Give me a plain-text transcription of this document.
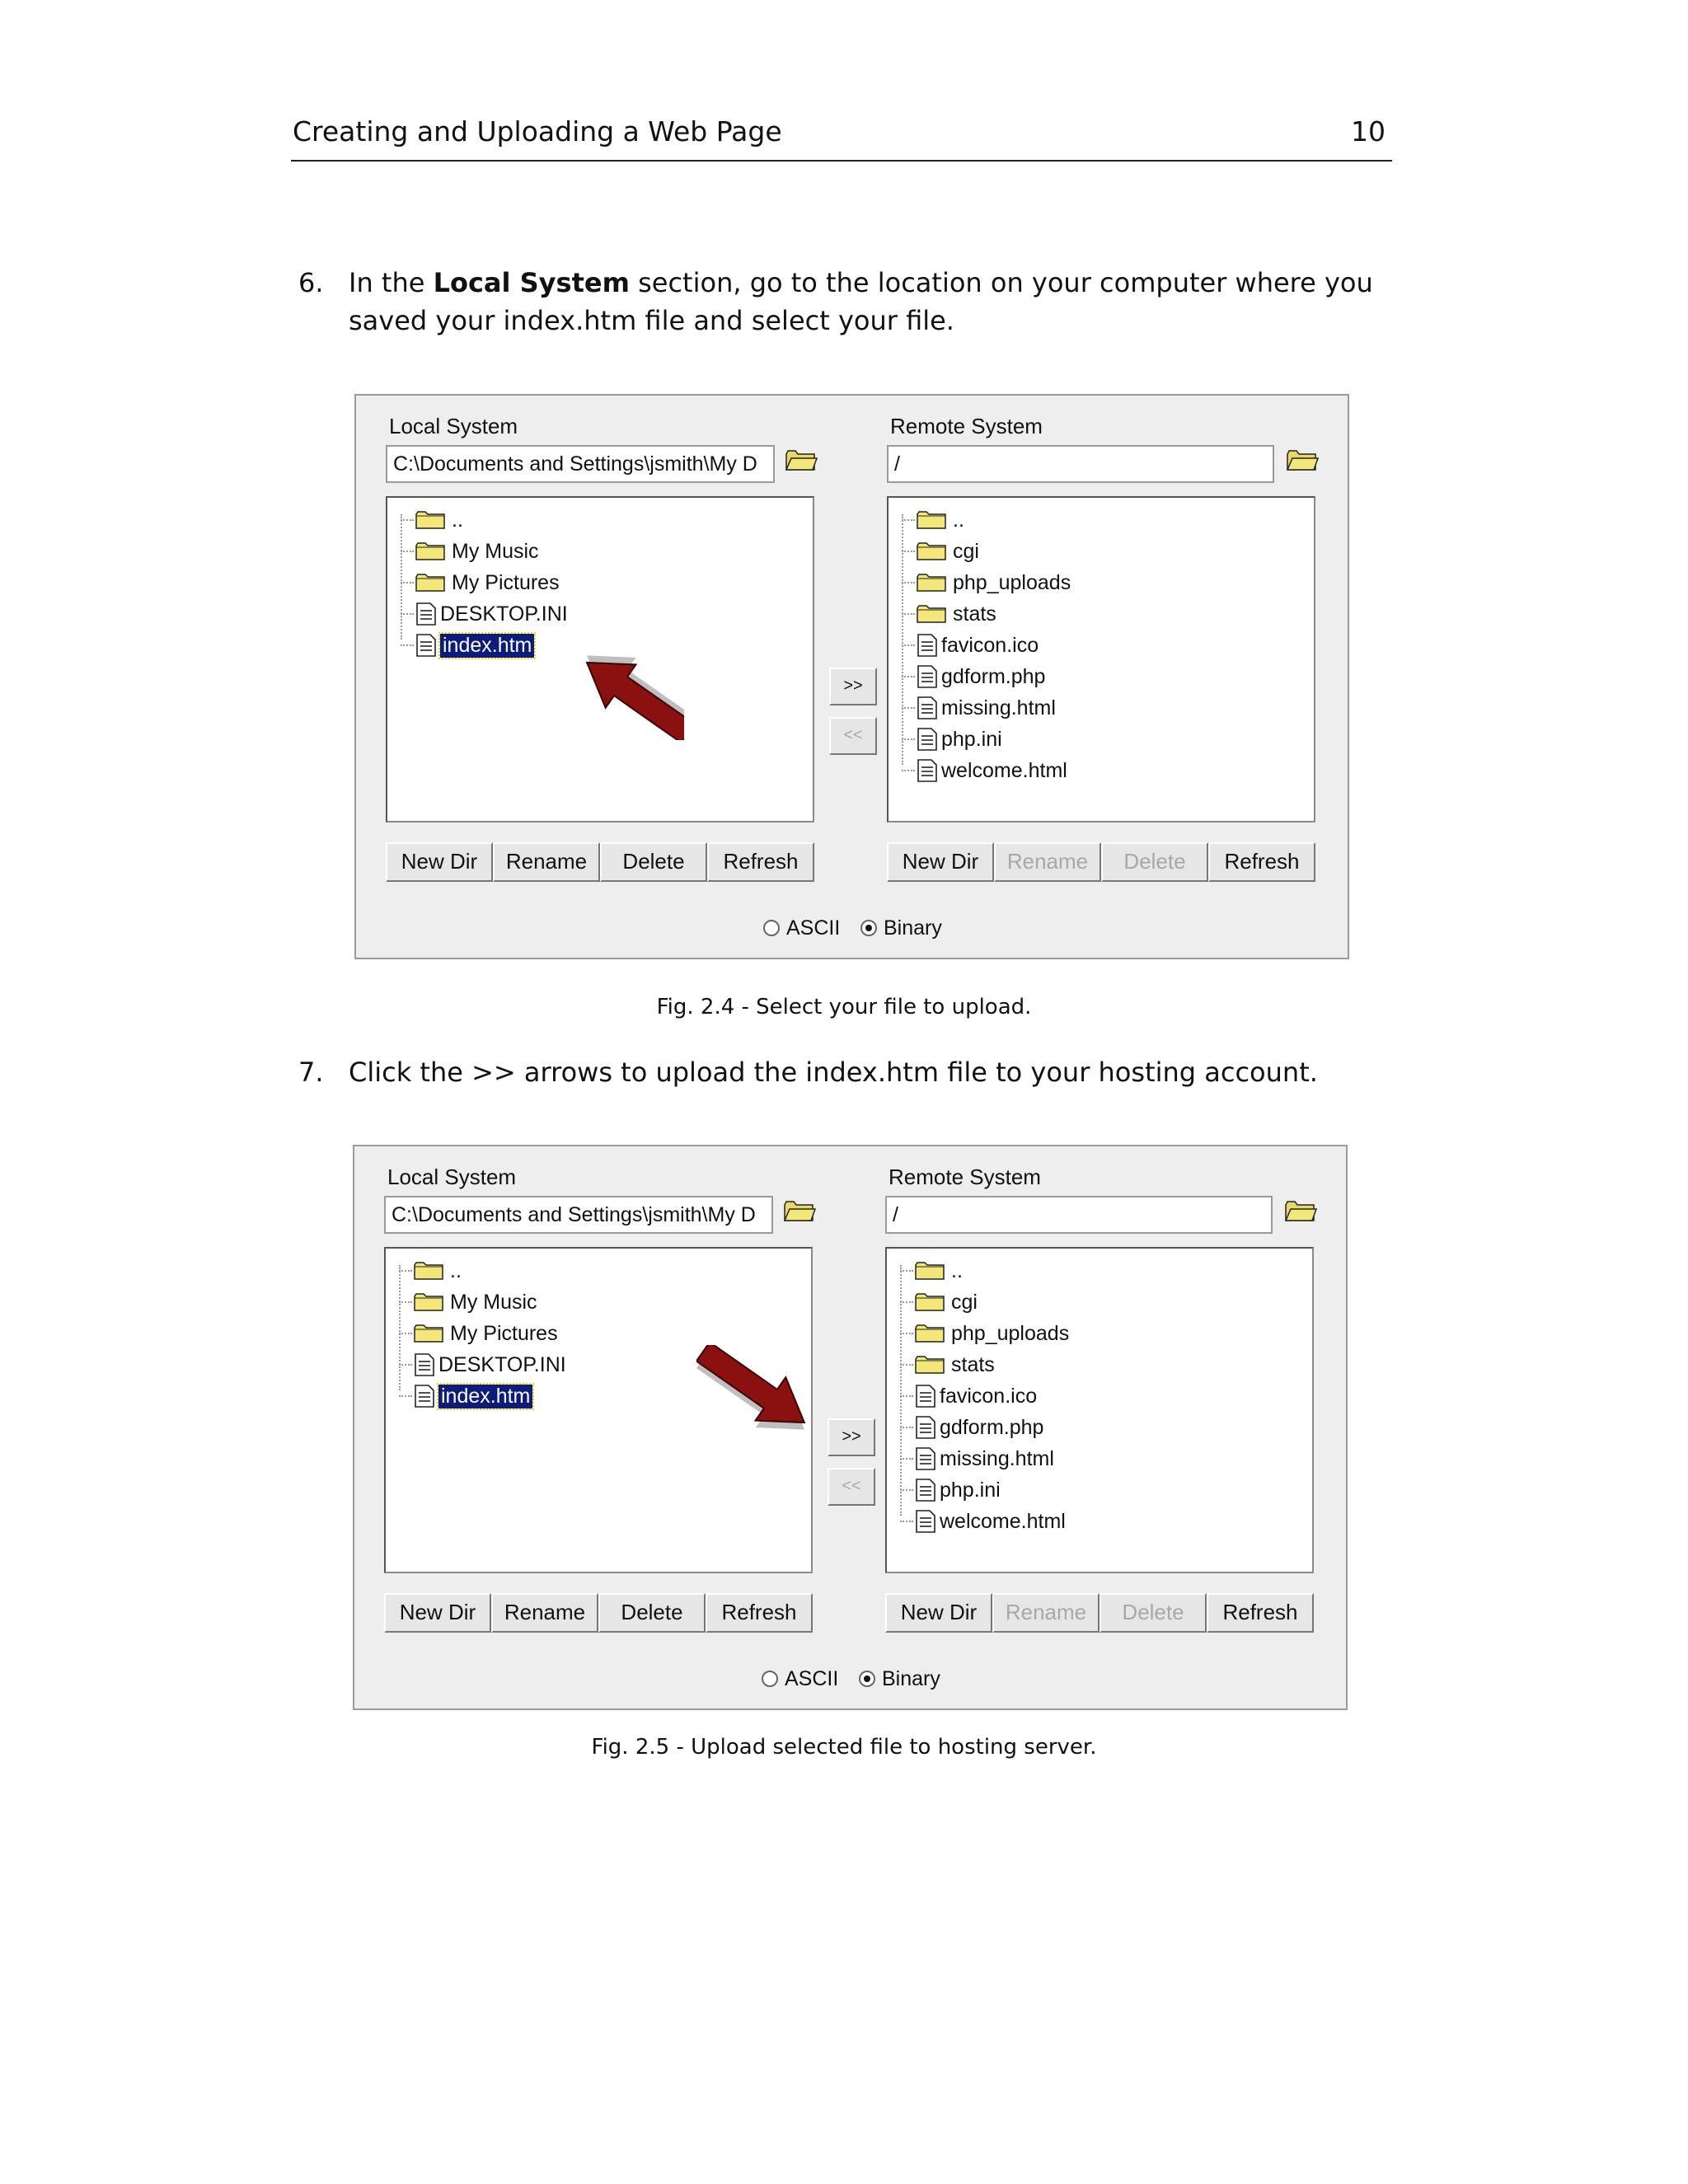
Creating and Uploading a Web Page	10
6. In the Local System section, go to the location on your computer where you saved your index.htm file and select your file.
Local System
C:\Documents and Settings\jsmith\My D
..
My Music
My Pictures
DESKTOP.INI
index.htm
New Dir	Rename	Delete	Refresh
Remote System
/
..
cgi
php_uploads
stats
favicon.ico
gdform.php
missing.html
php.ini
welcome.html
New Dir	Rename	Delete	Refresh
>>
<<
ASCII Binary
Fig. 2.4 - Select your file to upload.
7. Click the >> arrows to upload the index.htm file to your hosting account.
Local System
C:\Documents and Settings\jsmith\My D
..
My Music
My Pictures
DESKTOP.INI
index.htm
New Dir	Rename	Delete	Refresh
Remote System
/
..
cgi
php_uploads
stats
favicon.ico
gdform.php
missing.html
php.ini
welcome.html
New Dir	Rename	Delete	Refresh
>>
<<
ASCII Binary
Fig. 2.5 - Upload selected file to hosting server.
